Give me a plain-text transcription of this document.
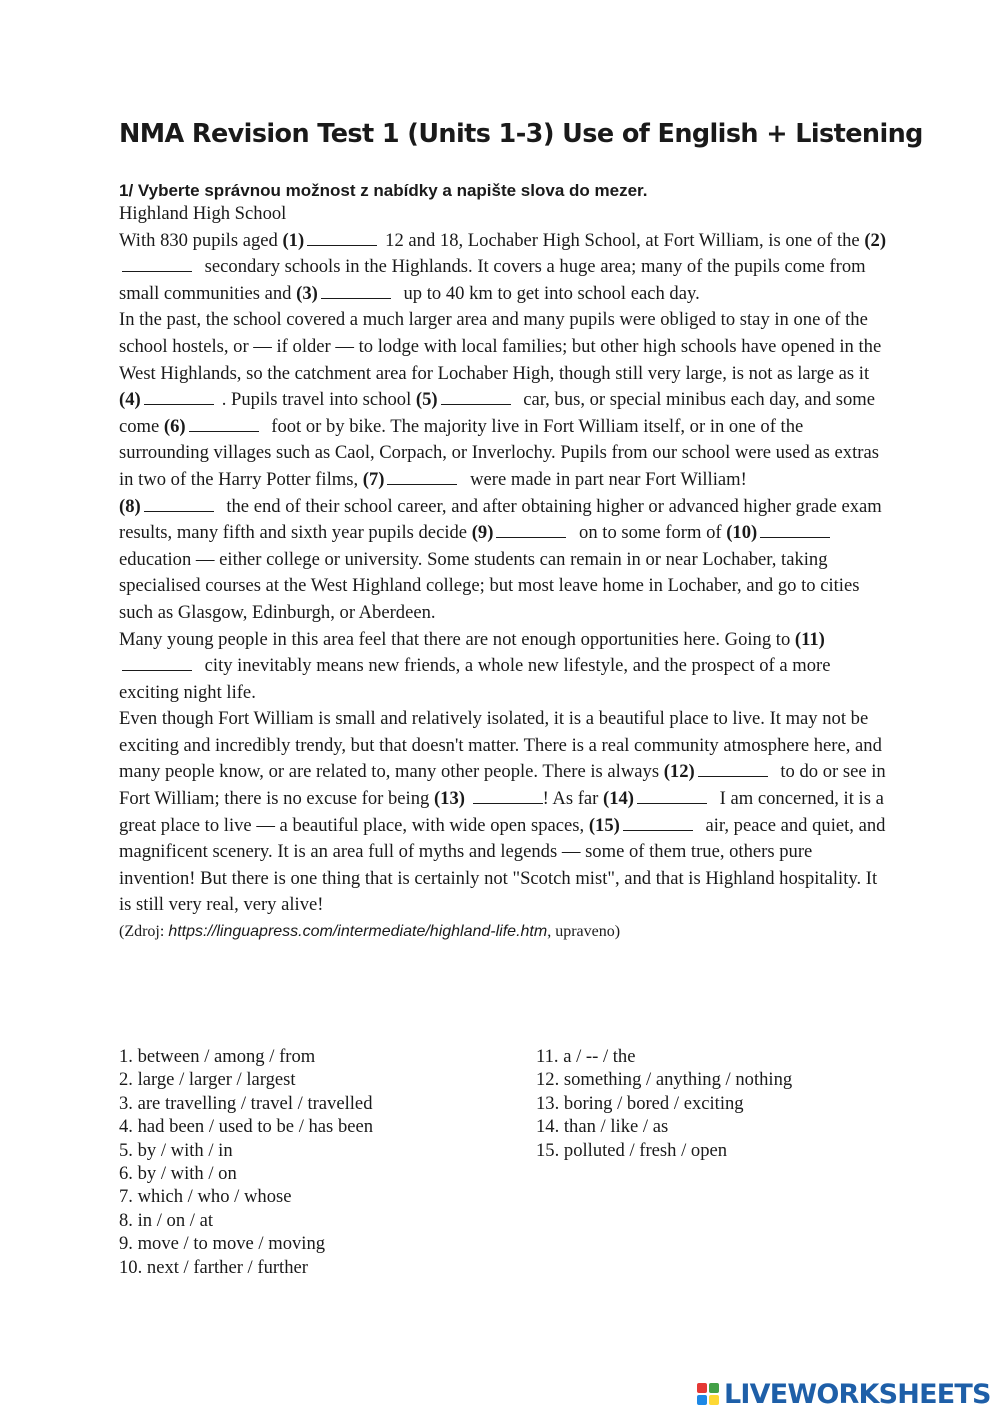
NMA Revision Test 1 (Units 1-3) Use of English + Listening
1/ Vyberte správnou možnost z nabídky a napište slova do mezer.

Highland High School

With 830 pupils aged (1)	12 and 18, Lochaber High School, at Fort William, is one of the (2) secondary schools in the Highlands. It covers a huge area; many of the pupils come from small communities and (3)	up to 40 km to get into school each day.

In the past, the school covered a much larger area and many pupils were obliged to stay in one of the school hostels, or — if older — to lodge with local families; but other high schools have opened in the West Highlands, so the catchment area for Lochaber High, though still very large, is not as large as it (4)	. Pupils travel into school (5)	car, bus, or special minibus each day, and some come (6)	foot or by bike. The majority live in Fort William itself, or in one of the surrounding villages such as Caol, Corpach, or Inverlochy. Pupils from our school were used as extras in two of the Harry Potter films, (7)	were made in part near Fort William!

(8)	the end of their school career, and after obtaining higher or advanced higher grade exam results, many fifth and sixth year pupils decide (9)	on to some form of (10) education — either college or university. Some students can remain in or near Lochaber, taking specialised courses at the West Highland college; but most leave home in Lochaber, and go to cities such as Glasgow, Edinburgh, or Aberdeen.

Many young people in this area feel that there are not enough opportunities here. Going to (11) city inevitably means new friends, a whole new lifestyle, and the prospect of a more exciting night life.

Even though Fort William is small and relatively isolated, it is a beautiful place to live. It may not be exciting and incredibly trendy, but that doesn't matter. There is a real community atmosphere here, and many people know, or are related to, many other people. There is always (12)	to do or see in Fort William; there is no excuse for being (13)	! As far (14)	I am concerned, it is a great place to live — a beautiful place, with wide open spaces, (15)	air, peace and quiet, and magnificent scenery. It is an area full of myths and legends — some of them true, others pure invention! But there is one thing that is certainly not "Scotch mist", and that is Highland hospitality. It is still very real, very alive!

(Zdroj: https://linguapress.com/intermediate/highland-life.htm, upraveno)

1. between / among / from
2. large / larger / largest
3. are travelling / travel / travelled
4. had been / used to be / has been
5. by / with / in
6. by / with / on
7. which / who / whose
8. in / on / at
9. move / to move / moving
10. next / farther / further
11. a / -- / the
12. something / anything / nothing
13. boring / bored / exciting
14. than / like / as
15. polluted / fresh / open
LIVEWORKSHEETS
